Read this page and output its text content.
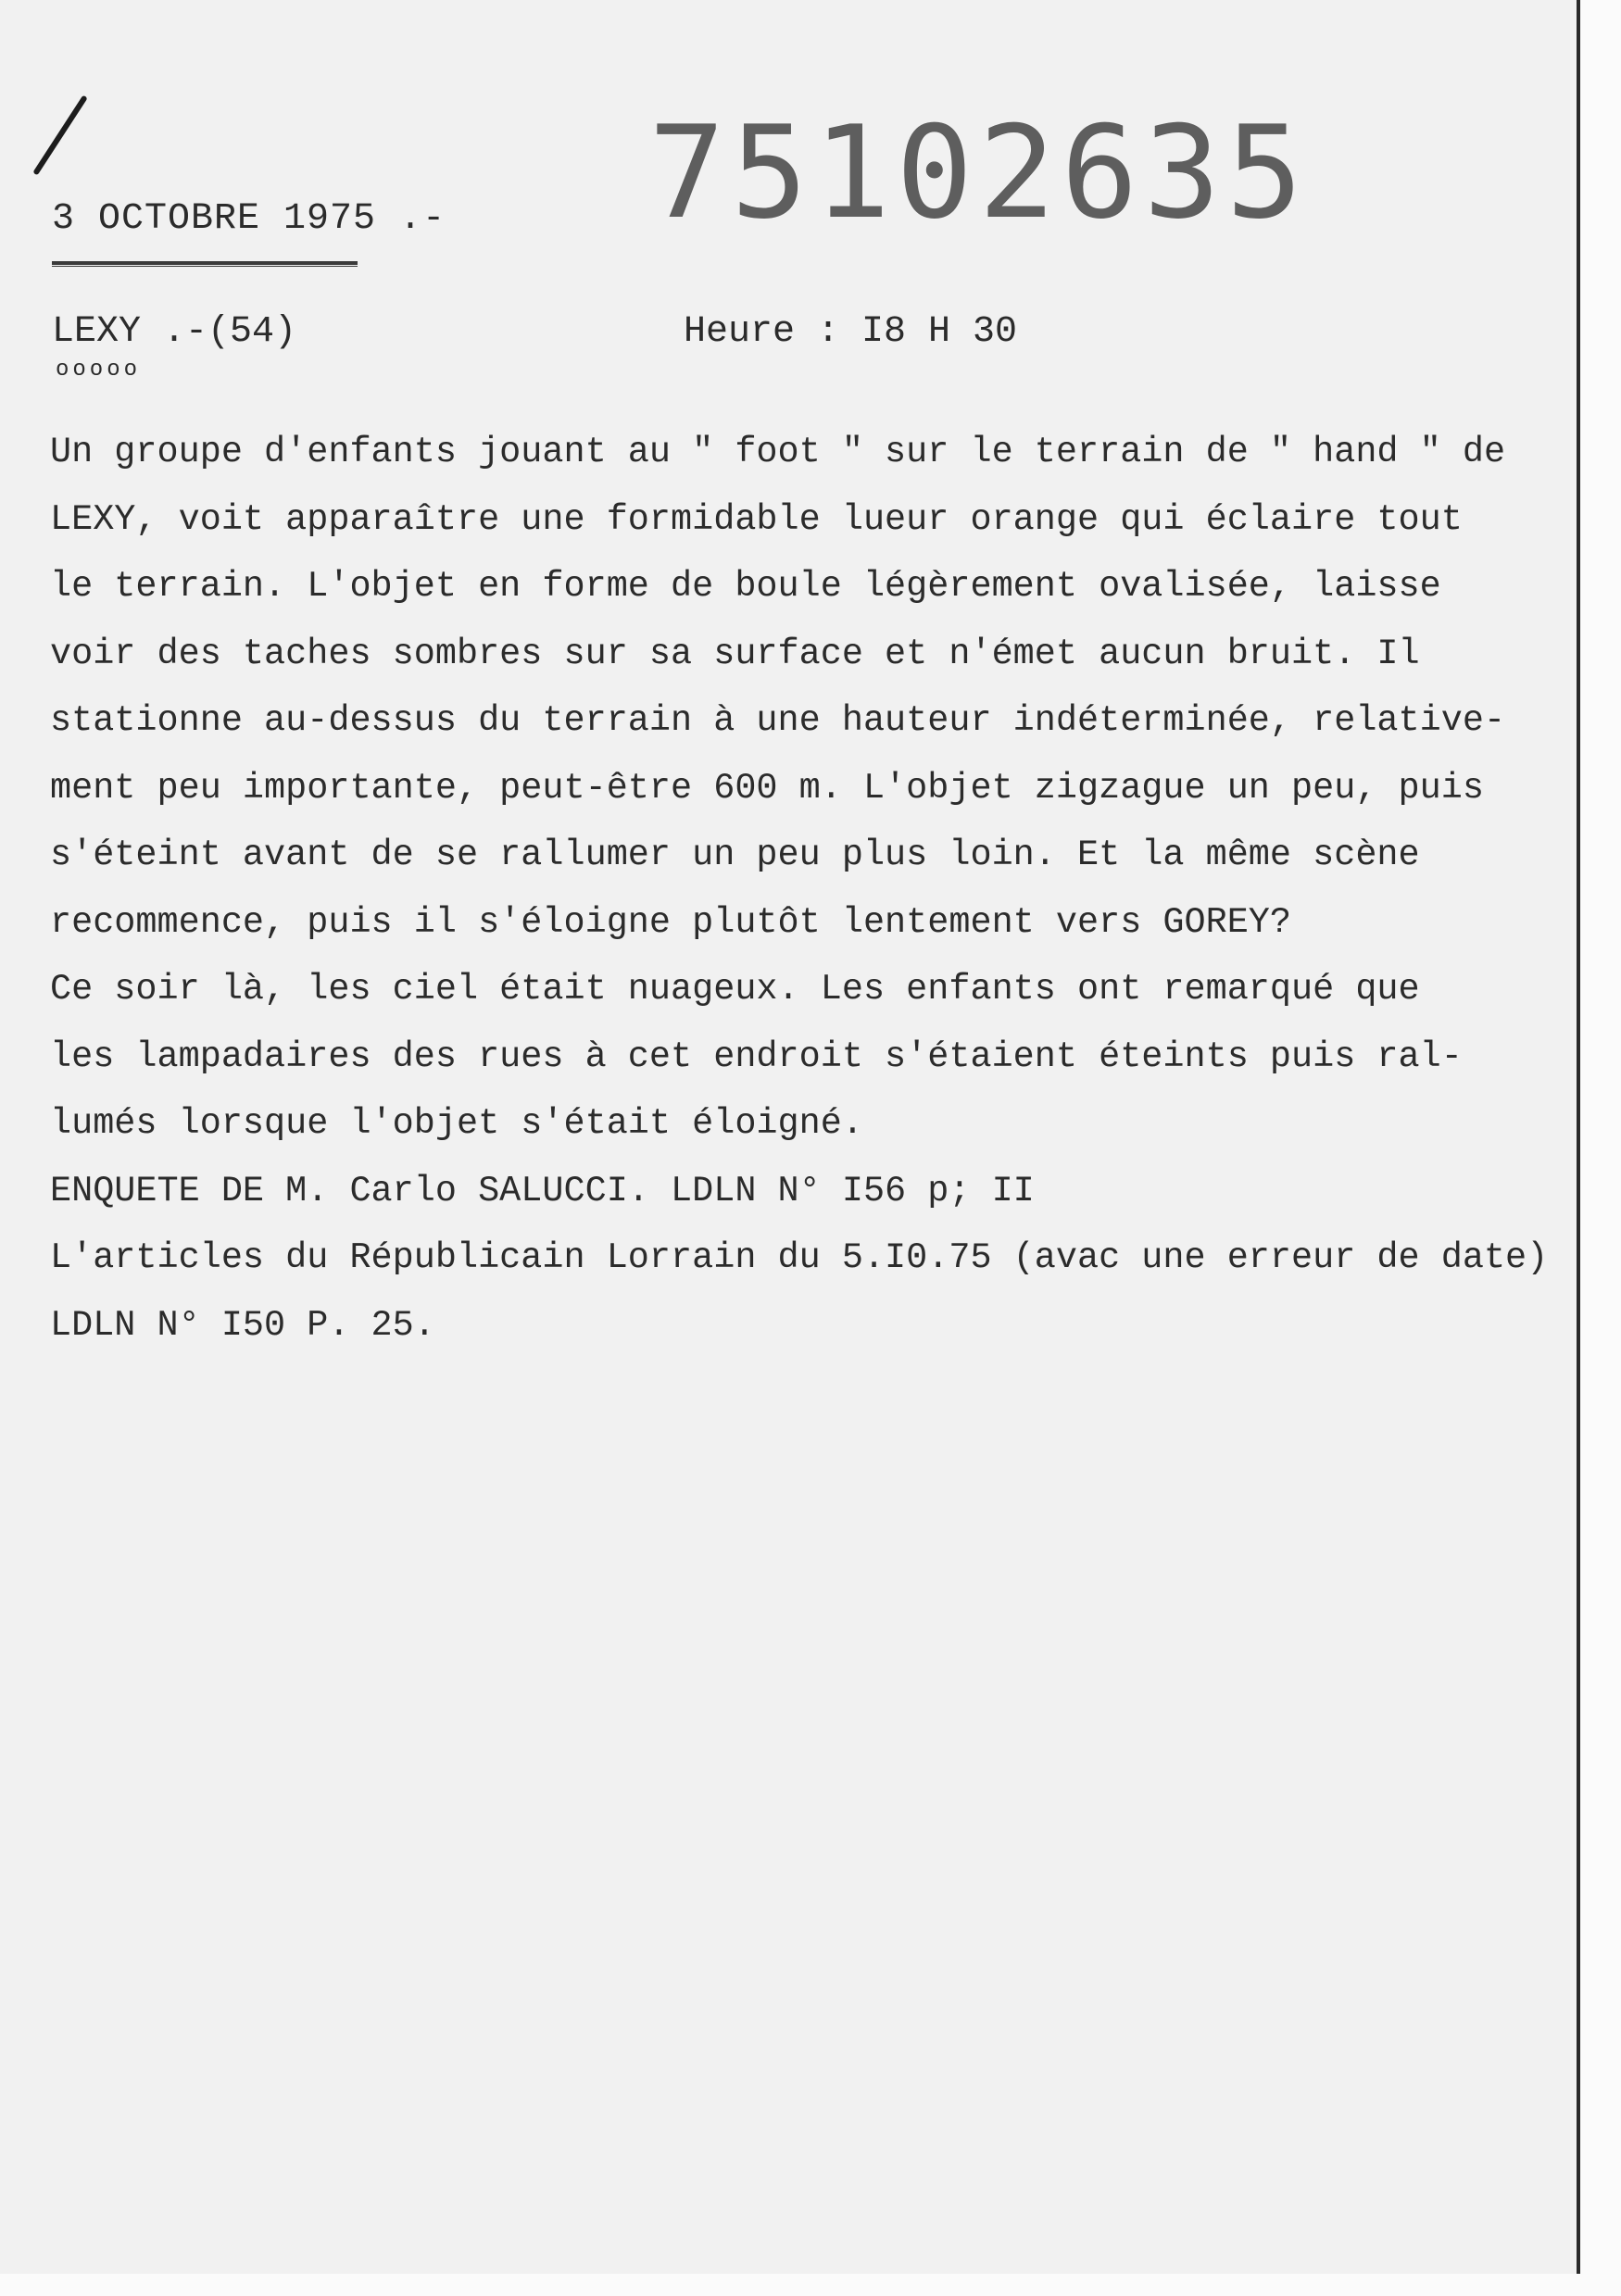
75102635
3 OCTOBRE 1975 .-
LEXY .-(54)
ooooo
Heure : I8 H 30
Un groupe d'enfants jouant au " foot " sur le terrain de " hand " de
LEXY, voit apparaître une formidable lueur orange qui éclaire tout
le terrain. L'objet en forme de boule légèrement ovalisée, laisse
voir des taches sombres sur sa surface et n'émet aucun bruit. Il
stationne au-dessus du terrain à une hauteur indéterminée, relative-
ment peu importante, peut-être 600 m. L'objet zigzague un peu, puis
s'éteint avant de se rallumer un peu plus loin. Et la même scène
recommence, puis il s'éloigne plutôt lentement vers GOREY?
Ce soir là, les ciel était nuageux. Les enfants ont remarqué que
les lampadaires des rues à cet endroit s'étaient éteints puis ral-
lumés lorsque l'objet s'était éloigné.
ENQUETE DE M. Carlo SALUCCI. LDLN N° I56 p; II
L'articles du Républicain Lorrain du 5.I0.75 (avac une erreur de date)
LDLN N° I50 P. 25.
